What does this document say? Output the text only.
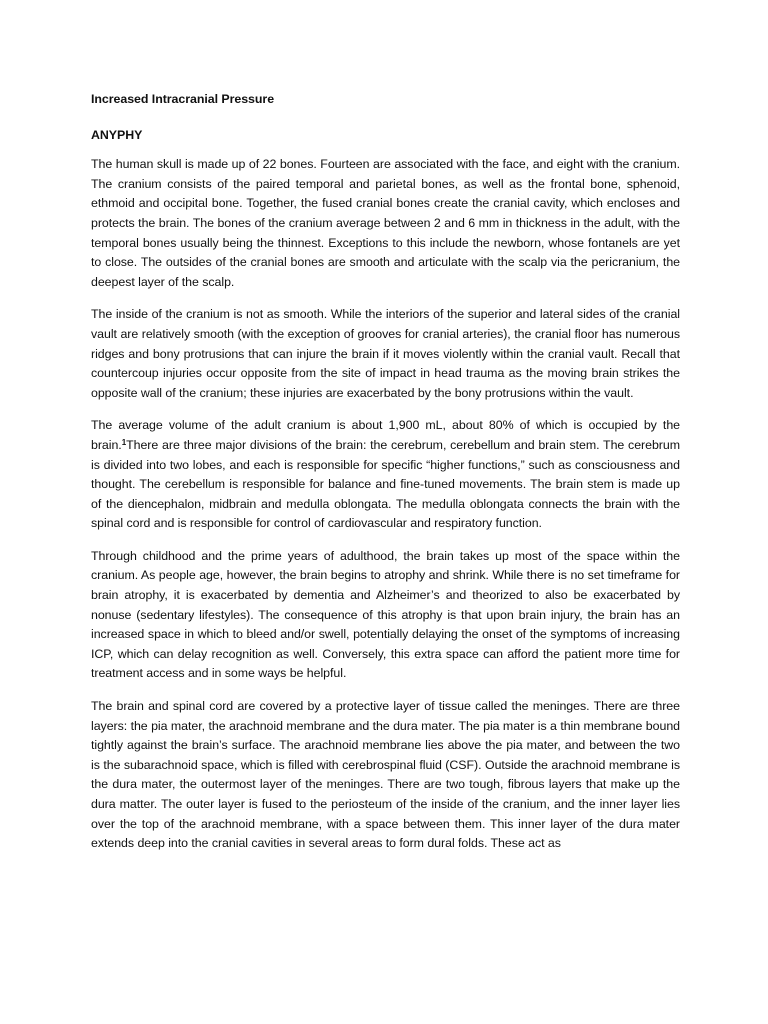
Increased Intracranial Pressure
ANYPHY

The human skull is made up of 22 bones. Fourteen are associated with the face, and eight with the cranium. The cranium consists of the paired temporal and parietal bones, as well as the frontal bone, sphenoid, ethmoid and occipital bone. Together, the fused cranial bones create the cranial cavity, which encloses and protects the brain. The bones of the cranium average between 2 and 6 mm in thickness in the adult, with the temporal bones usually being the thinnest. Exceptions to this include the newborn, whose fontanels are yet to close. The outsides of the cranial bones are smooth and articulate with the scalp via the pericranium, the deepest layer of the scalp.

The inside of the cranium is not as smooth. While the interiors of the superior and lateral sides of the cranial vault are relatively smooth (with the exception of grooves for cranial arteries), the cranial floor has numerous ridges and bony protrusions that can injure the brain if it moves violently within the cranial vault. Recall that countercoup injuries occur opposite from the site of impact in head trauma as the moving brain strikes the opposite wall of the cranium; these injuries are exacerbated by the bony protrusions within the vault.

The average volume of the adult cranium is about 1,900 mL, about 80% of which is occupied by the brain.$^1$There are three major divisions of the brain: the cerebrum, cerebellum and brain stem. The cerebrum is divided into two lobes, and each is responsible for specific “higher functions,” such as consciousness and thought. The cerebellum is responsible for balance and fine-tuned movements. The brain stem is made up of the diencephalon, midbrain and medulla oblongata. The medulla oblongata connects the brain with the spinal cord and is responsible for control of cardiovascular and respiratory function.

Through childhood and the prime years of adulthood, the brain takes up most of the space within the cranium. As people age, however, the brain begins to atrophy and shrink. While there is no set timeframe for brain atrophy, it is exacerbated by dementia and Alzheimer’s and theorized to also be exacerbated by nonuse (sedentary lifestyles). The consequence of this atrophy is that upon brain injury, the brain has an increased space in which to bleed and/or swell, potentially delaying the onset of the symptoms of increasing ICP, which can delay recognition as well. Conversely, this extra space can afford the patient more time for treatment access and in some ways be helpful.

The brain and spinal cord are covered by a protective layer of tissue called the meninges. There are three layers: the pia mater, the arachnoid membrane and the dura mater. The pia mater is a thin membrane bound tightly against the brain’s surface. The arachnoid membrane lies above the pia mater, and between the two is the subarachnoid space, which is filled with cerebrospinal fluid (CSF). Outside the arachnoid membrane is the dura mater, the outermost layer of the meninges. There are two tough, fibrous layers that make up the dura matter. The outer layer is fused to the periosteum of the inside of the cranium, and the inner layer lies over the top of the arachnoid membrane, with a space between them. This inner layer of the dura mater extends deep into the cranial cavities in several areas to form dural folds. These act as
